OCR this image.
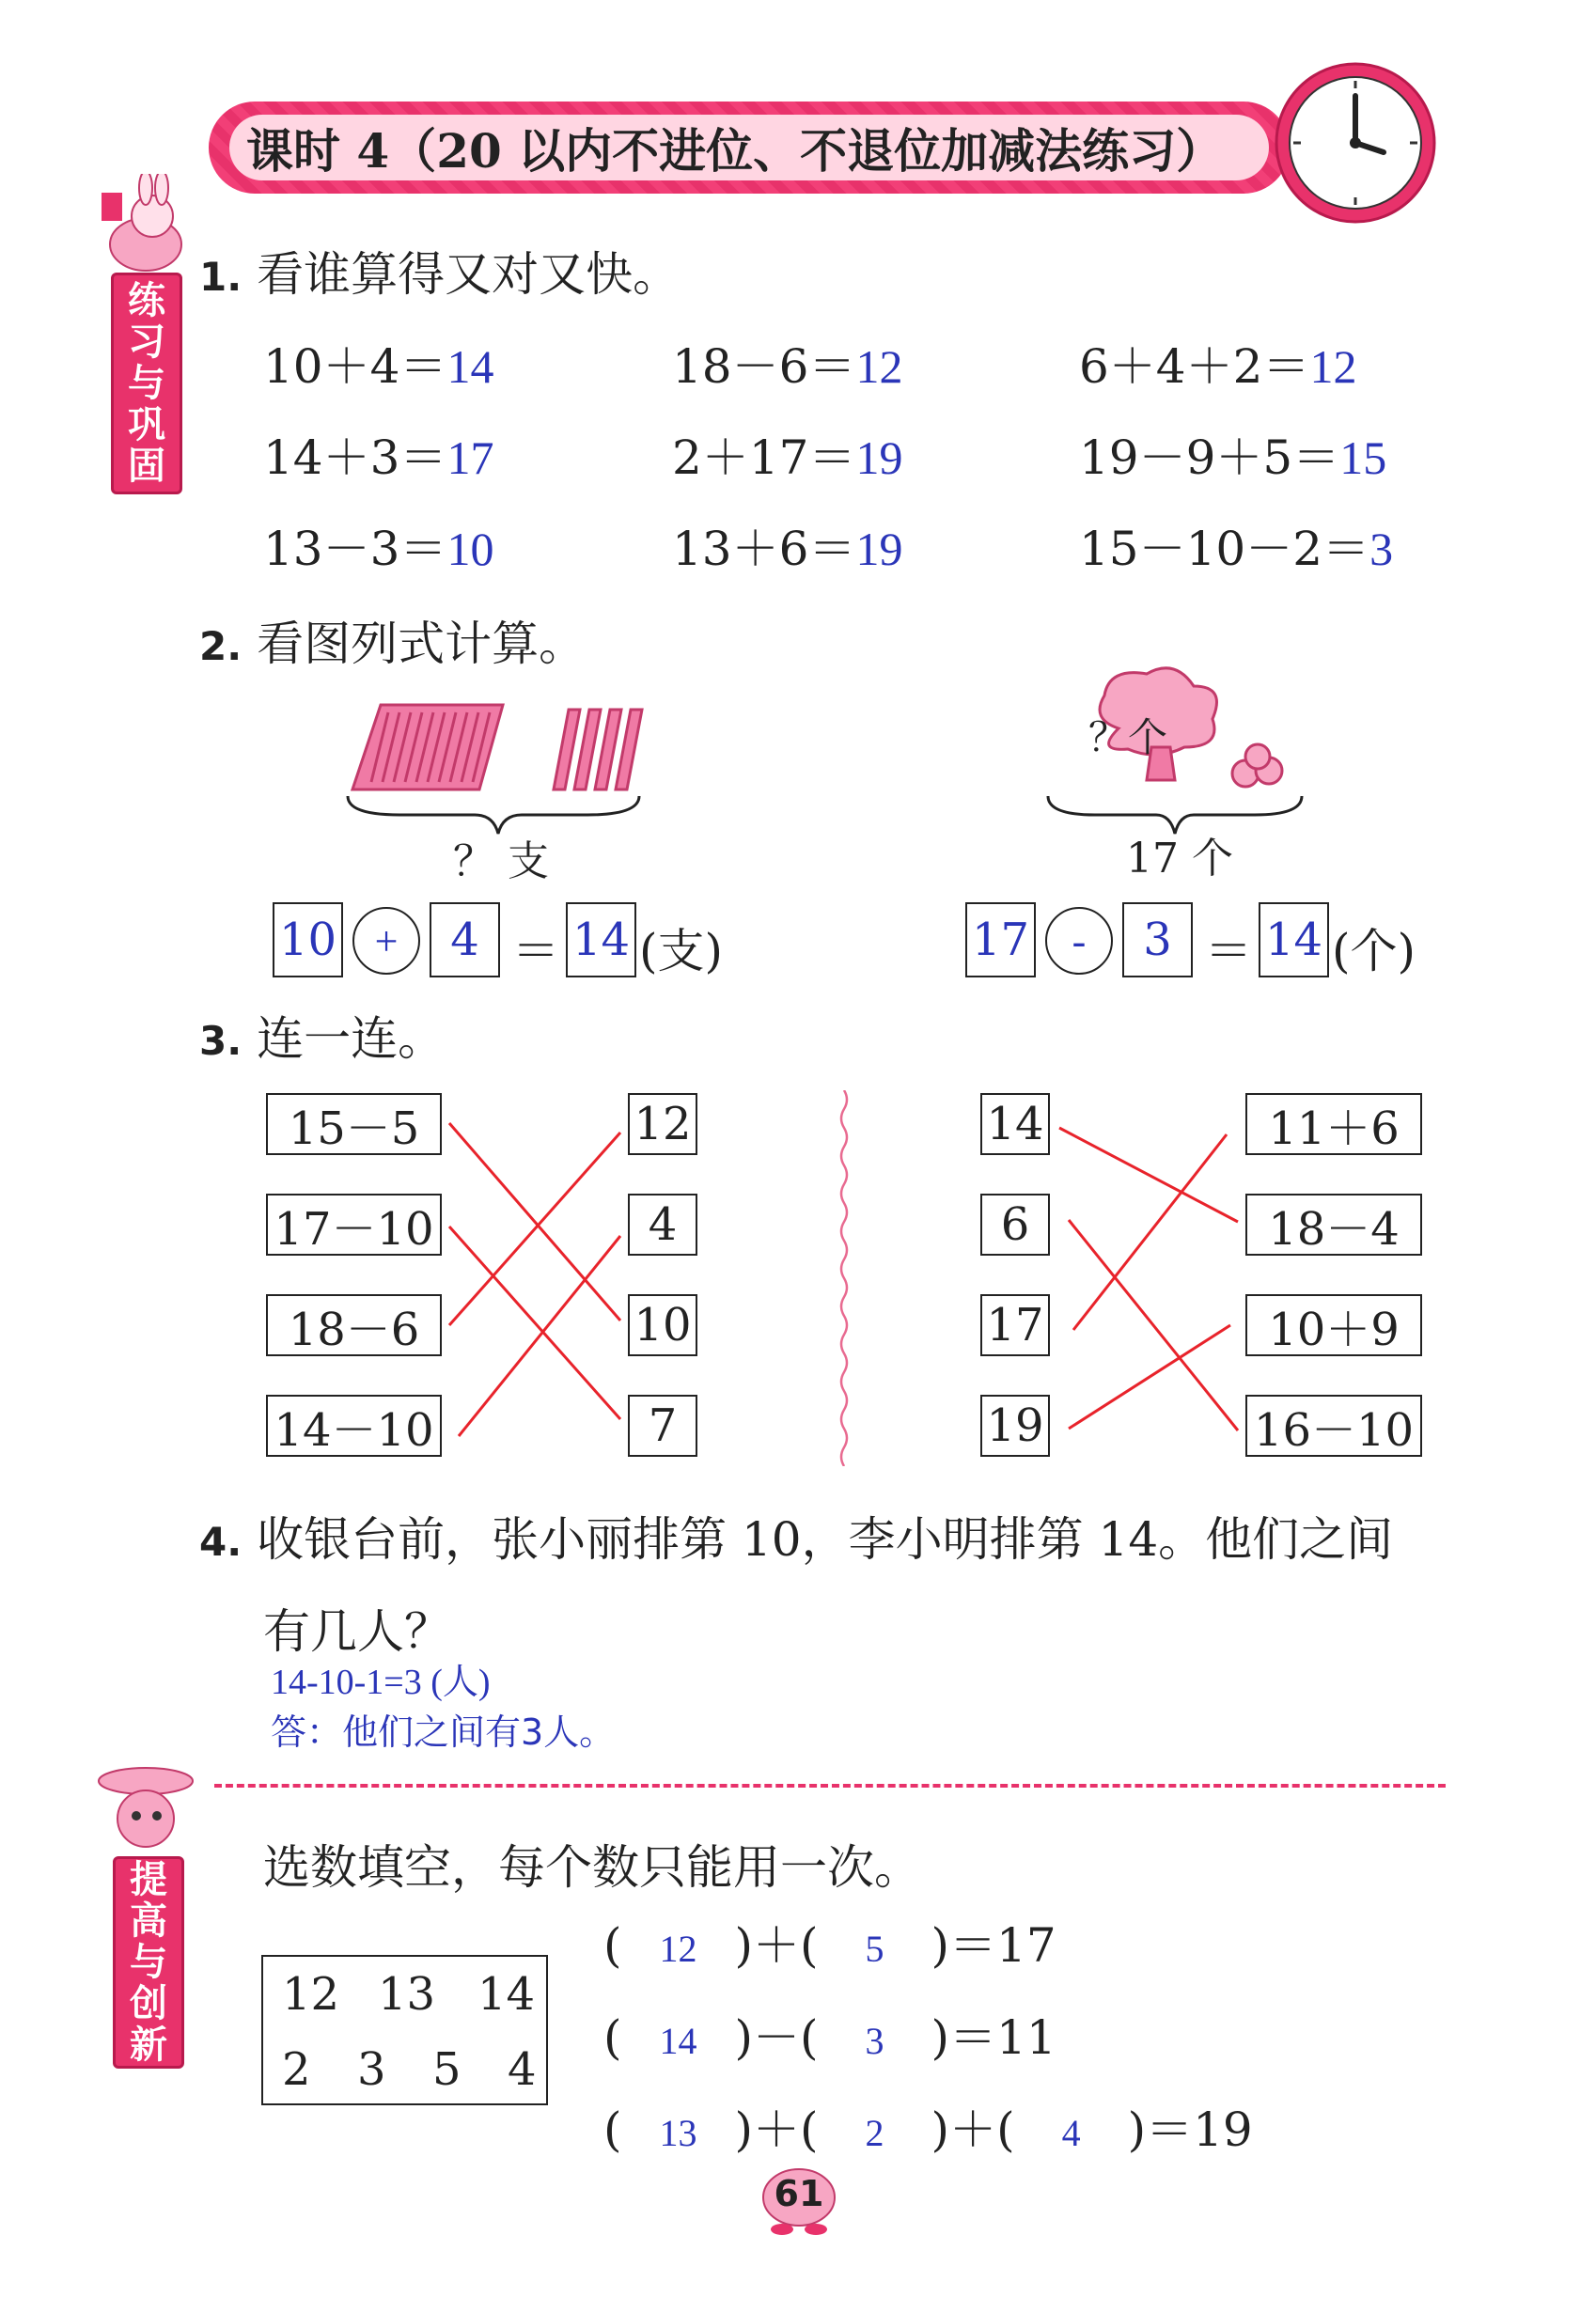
课时 4（20 以内不进位、不退位加减法练习）
练
习
与
巩
固
1. 看谁算得又对又快。
10＋4＝14	18－6＝12	6＋4＋2＝12
14＋3＝17	2＋17＝19	19－9＋5＝15
13－3＝10	13＋6＝19	15－10－2＝3
2. 看图列式计算。
？ 支
10 +	4 ＝ 14 (支)
？个
17 个
17	-	3 ＝ 14 (个)
3. 连一连。
15－5
17－10
18－6
14－10
12
4
10
7
14
6
17
19
11＋6
18－4
10＋9
16－10
4. 收银台前，张小丽排第 10，李小明排第 14。他们之间
有几人？
14-10-1=3 (人)
答：他们之间有3人。
提
高
与
创
新
选数填空，每个数只能用一次。
12 13 14
2 3 5 4
( 12 )＋( 5 )＝17
( 14 )－( 3 )＝11
( 13 )＋( 2 )＋( 4 )＝19
61
